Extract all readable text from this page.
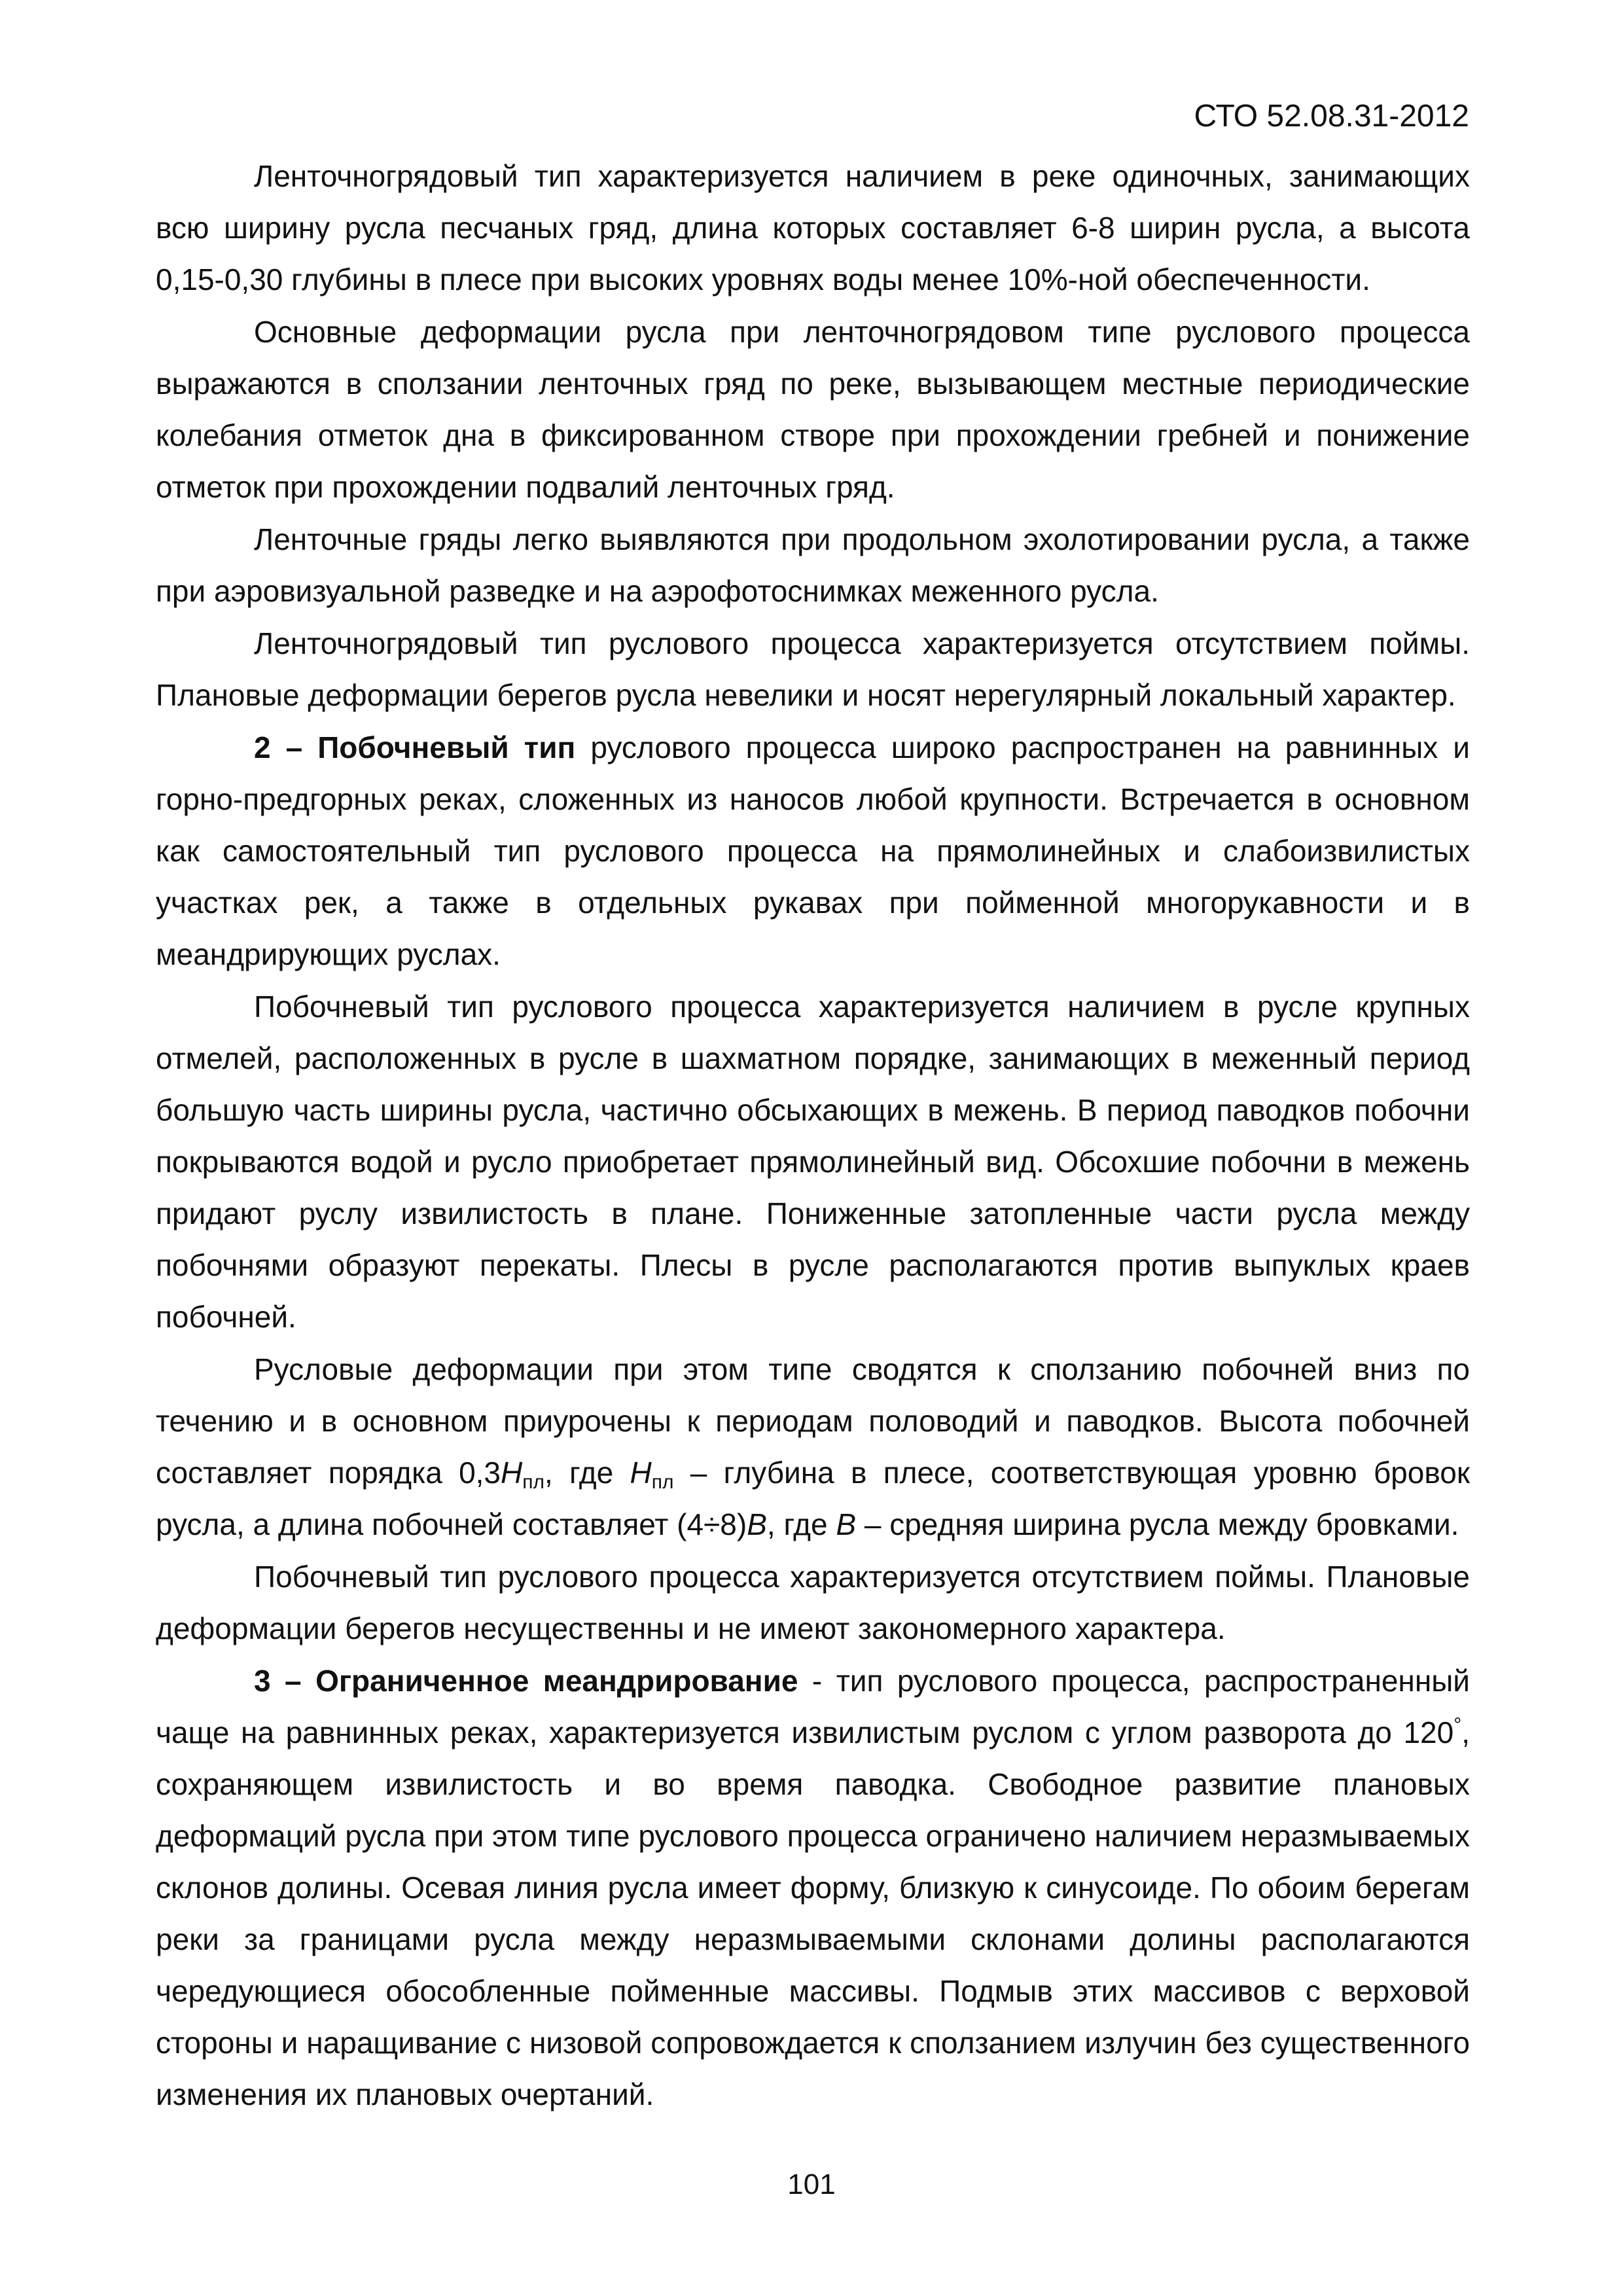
СТО 52.08.31-2012

Ленточногрядовый тип характеризуется наличием в реке одиночных, занимающих всю ширину русла песчаных гряд, длина которых составляет 6-8 ширин русла, а высота 0,15-0,30 глубины в плесе при высоких уровнях воды менее 10%-ной обеспеченности.

Основные деформации русла при ленточногрядовом типе руслового процесса выражаются в сползании ленточных гряд по реке, вызывающем местные периодические колебания отметок дна в фиксированном створе при прохождении гребней и понижение отметок при прохождении подвалий ленточных гряд.

Ленточные гряды легко выявляются при продольном эхолотировании русла, а также при аэровизуальной разведке и на аэрофотоснимках меженного русла.

Ленточногрядовый тип руслового процесса характеризуется отсутствием поймы. Плановые деформации берегов русла невелики и носят нерегулярный локальный характер.

2 – Побочневый тип руслового процесса широко распространен на равнинных и горно-предгорных реках, сложенных из наносов любой крупности. Встречается в основном как самостоятельный тип руслового процесса на прямолинейных и слабоизвилистых участках рек, а также в отдельных рукавах при пойменной многорукавности и в меандрирующих руслах.

Побочневый тип руслового процесса характеризуется наличием в русле крупных отмелей, расположенных в русле в шахматном порядке, занимающих в меженный период большую часть ширины русла, частично обсыхающих в межень. В период паводков побочни покрываются водой и русло приобретает прямолинейный вид. Обсохшие побочни в межень придают руслу извилистость в плане. Пониженные затопленные части русла между побочнями образуют перекаты. Плесы в русле располагаются против выпуклых краев побочней.

Русловые деформации при этом типе сводятся к сползанию побочней вниз по течению и в основном приурочены к периодам половодий и паводков. Высота побочней составляет порядка $0,3H_{пл}$, где $H_{пл}$ – глубина в плесе, соответствующая уровню бровок русла, а длина побочней составляет (4÷8)B, где B – средняя ширина русла между бровками.

Побочневый тип руслового процесса характеризуется отсутствием поймы. Плановые деформации берегов несущественны и не имеют закономерного характера.

3 – Ограниченное меандрирование - тип руслового процесса, распространенный чаще на равнинных реках, характеризуется извилистым руслом с углом разворота до 120°, сохраняющем извилистость и во время паводка. Свободное развитие плановых деформаций русла при этом типе руслового процесса ограничено наличием неразмываемых склонов долины. Осевая линия русла имеет форму, близкую к синусоиде. По обоим берегам реки за границами русла между неразмываемыми склонами долины располагаются чередующиеся обособленные пойменные массивы. Подмыв этих массивов с верховой стороны и наращивание с низовой сопровождается к сползанием излучин без существенного изменения их плановых очертаний.

101
